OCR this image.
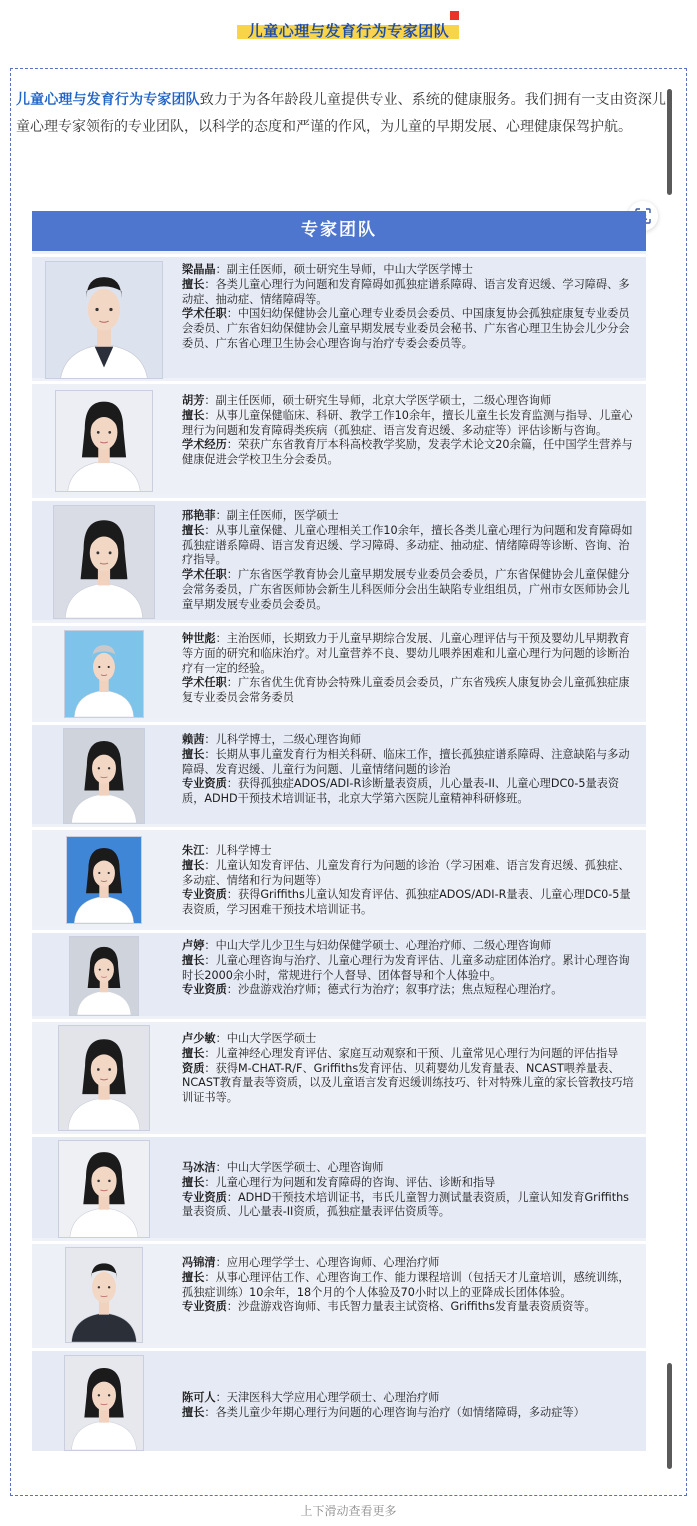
儿童心理与发育行为专家团队

儿童心理与发育行为专家团队致力于为各年龄段儿童提供专业、系统的健康服务。我们拥有一支由资深儿童心理专家领衔的专业团队，以科学的态度和严谨的作风，为儿童的早期发展、心理健康保驾护航。

专家团队

梁晶晶：副主任医师，硕士研究生导师，中山大学医学博士

擅长：各类儿童心理行为问题和发育障碍如孤独症谱系障碍、语言发育迟缓、学习障碍、多动症、抽动症、情绪障碍等。

学术任职：中国妇幼保健协会儿童心理专业委员会委员、中国康复协会孤独症康复专业委员会委员、广东省妇幼保健协会儿童早期发展专业委员会秘书、广东省心理卫生协会儿少分会委员、广东省心理卫生协会心理咨询与治疗专委会委员等。

胡芳：副主任医师，硕士研究生导师，北京大学医学硕士，二级心理咨询师

擅长：从事儿童保健临床、科研、教学工作10余年，擅长儿童生长发育监测与指导、儿童心理行为问题和发育障碍类疾病（孤独症、语言发育迟缓、多动症等）评估诊断与咨询。

学术经历：荣获广东省教育厅本科高校教学奖励，发表学术论文20余篇，任中国学生营养与健康促进会学校卫生分会委员。

邢艳菲：副主任医师，医学硕士

擅长：从事儿童保健、儿童心理相关工作10余年，擅长各类儿童心理行为问题和发育障碍如孤独症谱系障碍、语言发育迟缓、学习障碍、多动症、抽动症、情绪障碍等诊断、咨询、治疗指导。

学术任职：广东省医学教育协会儿童早期发展专业委员会委员，广东省保健协会儿童保健分会常务委员，广东省医师协会新生儿科医师分会出生缺陷专业组组员，广州市女医师协会儿童早期发展专业委员会委员。

钟世彪：主治医师，长期致力于儿童早期综合发展、儿童心理评估与干预及婴幼儿早期教育等方面的研究和临床治疗。对儿童营养不良、婴幼儿喂养困难和儿童心理行为问题的诊断治疗有一定的经验。

学术任职：广东省优生优育协会特殊儿童委员会委员，广东省残疾人康复协会儿童孤独症康复专业委员会常务委员

赖茜：儿科学博士，二级心理咨询师

擅长：长期从事儿童发育行为相关科研、临床工作，擅长孤独症谱系障碍、注意缺陷与多动障碍、发育迟缓、儿童行为问题、儿童情绪问题的诊治

专业资质：获得孤独症ADOS/ADI-R诊断量表资质，儿心量表-II、儿童心理DC0-5量表资质，ADHD干预技术培训证书，北京大学第六医院儿童精神科研修班。

朱江：儿科学博士

擅长：儿童认知发育评估、儿童发育行为问题的诊治（学习困难、语言发育迟缓、孤独症、多动症、情绪和行为问题等）

专业资质：获得Griffiths儿童认知发育评估、孤独症ADOS/ADI-R量表、儿童心理DC0-5量表资质，学习困难干预技术培训证书。

卢婷：中山大学儿少卫生与妇幼保健学硕士、心理治疗师、二级心理咨询师

擅长：儿童心理咨询与治疗、儿童心理行为发育评估、儿童多动症团体治疗。累计心理咨询时长2000余小时，常规进行个人督导、团体督导和个人体验中。

专业资质：沙盘游戏治疗师；德式行为治疗；叙事疗法；焦点短程心理治疗。

卢少敏：中山大学医学硕士

擅长：儿童神经心理发育评估、家庭互动观察和干预、儿童常见心理行为问题的评估指导

资质：获得M-CHAT-R/F、Griffiths发育评估、贝莉婴幼儿发育量表、NCAST喂养量表、NCAST教育量表等资质，以及儿童语言发育迟缓训练技巧、针对特殊儿童的家长管教技巧培训证书等。

马冰洁：中山大学医学硕士、心理咨询师

擅长：儿童心理行为问题和发育障碍的咨询、评估、诊断和指导

专业资质：ADHD干预技术培训证书，韦氏儿童智力测试量表资质，儿童认知发育Griffiths量表资质、儿心量表-II资质，孤独症量表评估资质等。

冯锦清：应用心理学学士、心理咨询师、心理治疗师

擅长：从事心理评估工作、心理咨询工作、能力课程培训（包括天才儿童培训，感统训练，孤独症训练）10余年，18个月的个人体验及70小时以上的亚降成长团体体验。

专业资质：沙盘游戏咨询师、韦氏智力量表主试资格、Griffiths发育量表资质资等。

陈可人：天津医科大学应用心理学硕士、心理治疗师

擅长：各类儿童少年期心理行为问题的心理咨询与治疗（如情绪障碍，多动症等）

上下滑动查看更多
